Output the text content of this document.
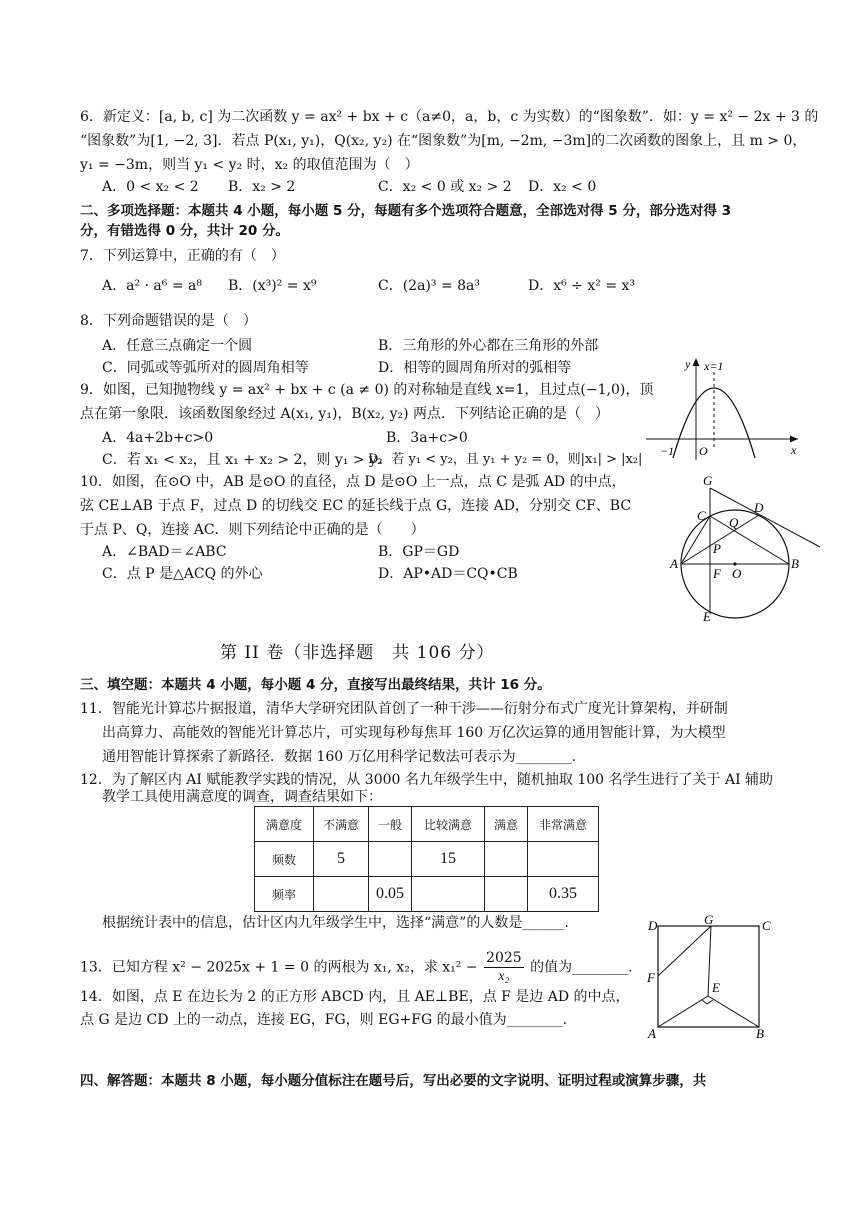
6．新定义：[a, b, c] 为二次函数 y = ax² + bx + c（a≠0，a，b，c 为实数）的“图象数”．如：y = x² − 2x + 3 的
“图象数”为[1, −2, 3]．若点 P(x₁, y₁)，Q(x₂, y₂) 在“图象数”为[m, −2m, −3m]的二次函数的图象上，且 m > 0，
y₁ = −3m，则当 y₁ < y₂ 时，x₂ 的取值范围为（　）
A．0 < x₂ < 2 B．x₂ > 2	C．x₂ < 0 或 x₂ > 2 D．x₂ < 0
二、多项选择题：本题共 4 小题，每小题 5 分，每题有多个选项符合题意，全部选对得 5 分，部分选对得 3
分，有错选得 0 分，共计 20 分。
7．下列运算中，正确的有（　）
A．a² · a⁶ = a⁸ B．(x³)² = x⁹	C．(2a)³ = 8a³	D．x⁶ ÷ x² = x³
8．下列命题错误的是（　）
A．任意三点确定一个圆	B．三角形的外心都在三角形的外部
C．同弧或等弧所对的圆周角相等	D．相等的圆周角所对的弧相等
9．如图，已知抛物线 y = ax² + bx + c (a ≠ 0) 的对称轴是直线 x=1，且过点(−1,0)，顶
点在第一象限．该函数图象经过 A(x₁, y₁)，B(x₂, y₂) 两点．下列结论正确的是（　）
A．4a+2b+c>0	B．3a+c>0
C．若 x₁ < x₂，且 x₁ + x₂ > 2，则 y₁ > y₂
D．若 y₁ < y₂，且 y₁ + y₂ = 0，则|x₁| > |x₂|
y x=1
−1 O	x
10．如图，在⊙O 中，AB 是⊙O 的直径，点 D 是⊙O 上一点，点 C 是弧 AD 的中点，
弦 CE⊥AB 于点 F，过点 D 的切线交 EC 的延长线于点 G，连接 AD，分别交 CF、BC
于点 P、Q，连接 AC．则下列结论中正确的是（　　）
A．∠BAD＝∠ABC	B．GP＝GD
C．点 P 是△ACQ 的外心	D．AP•AD＝CQ•CB
G
C Q
D
P
A
F O
B
E
第 II 卷（非选择题　共 106 分）
三、填空题：本题共 4 小题，每小题 4 分，直接写出最终结果，共计 16 分。
11．智能光计算芯片据报道，清华大学研究团队首创了一种干涉——衍射分布式广度光计算架构，并研制
出高算力、高能效的智能光计算芯片，可实现每秒每焦耳 160 万亿次运算的通用智能计算，为大模型
通用智能计算探索了新路径．数据 160 万亿用科学记数法可表示为________.
12．为了解区内 AI 赋能教学实践的情况，从 3000 名九年级学生中，随机抽取 100 名学生进行了关于 AI 辅助
教学工具使用满意度的调查，调查结果如下：
满意度	不满意	一般	比较满意	满意	非常满意
频数	5		15		
频率		0.05			0.35
根据统计表中的信息，估计区内九年级学生中，选择“满意”的人数是______.
13．已知方程 x² − 2025x + 1 = 0 的两根为 x₁, x₂，求 $x_1^2 - \frac{2025}{\text{x₂}}$ 的值为________.
14．如图，点 E 在边长为 2 的正方形 ABCD 内，且 AE⊥BE，点 F 是边 AD 的中点，
点 G 是边 CD 上的一动点，连接 EG，FG，则 EG+FG 的最小值为________.
D	G	C
F
E
A	B
四、解答题：本题共 8 小题，每小题分值标注在题号后，写出必要的文字说明、证明过程或演算步骤，共
